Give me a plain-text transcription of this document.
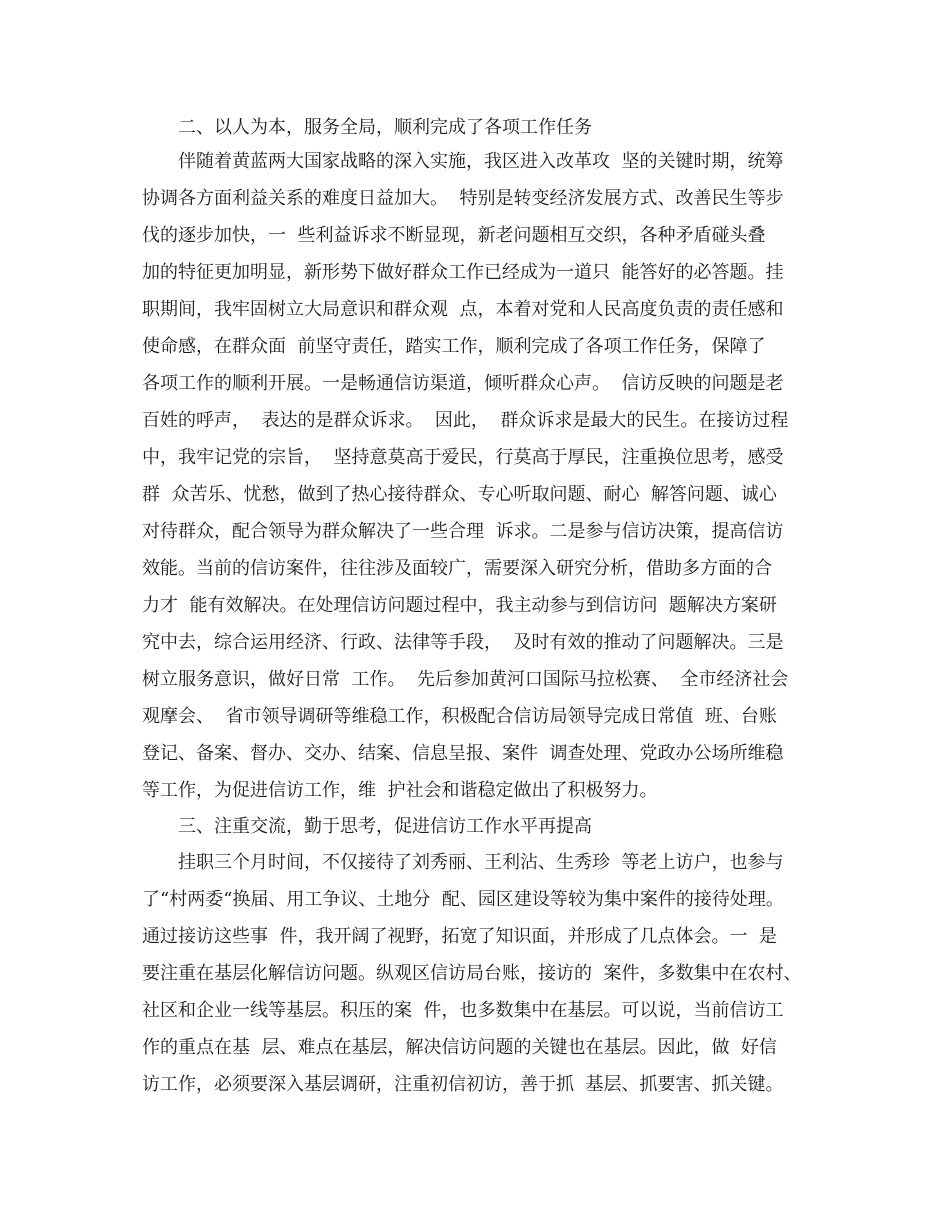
二、以人为本，服务全局，顺利完成了各项工作任务

伴随着黄蓝两大国家战略的深入实施，我区进入改革攻  坚的关键时期，统筹

协调各方面利益关系的难度日益加大。  特别是转变经济发展方式、改善民生等步

伐的逐步加快，一  些利益诉求不断显现，新老问题相互交织，各种矛盾碰头叠

加的特征更加明显，新形势下做好群众工作已经成为一道只  能答好的必答题。挂

职期间，我牢固树立大局意识和群众观  点，本着对党和人民高度负责的责任感和

使命感，在群众面  前坚守责任，踏实工作，顺利完成了各项工作任务，保障了

各项工作的顺利开展。一是畅通信访渠道，倾听群众心声。  信访反映的问题是老

百姓的呼声，  表达的是群众诉求。  因此，  群众诉求是最大的民生。在接访过程

中，我牢记党的宗旨，  坚持意莫高于爱民，行莫高于厚民，注重换位思考，感受

群  众苦乐、忧愁，做到了热心接待群众、专心听取问题、耐心  解答问题、诚心

对待群众，配合领导为群众解决了一些合理  诉求。二是参与信访决策，提高信访

效能。当前的信访案件，往往涉及面较广，需要深入研究分析，借助多方面的合

力才  能有效解决。在处理信访问题过程中，我主动参与到信访问  题解决方案研

究中去，综合运用经济、行政、法律等手段，  及时有效的推动了问题解决。三是

树立服务意识，做好日常  工作。  先后参加黄河口国际马拉松赛、  全市经济社会

观摩会、  省市领导调研等维稳工作，积极配合信访局领导完成日常值  班、台账

登记、备案、督办、交办、结案、信息呈报、案件  调查处理、党政办公场所维稳

等工作，为促进信访工作，维  护社会和谐稳定做出了积极努力。

三、注重交流，勤于思考，促进信访工作水平再提高

挂职三个月时间，不仅接待了刘秀丽、王利沾、生秀珍  等老上访户，也参与

了“村两委“换届、用工争议、土地分  配、园区建设等较为集中案件的接待处理。

通过接访这些事  件，我开阔了视野，拓宽了知识面，并形成了几点体会。一  是

要注重在基层化解信访问题。纵观区信访局台账，接访的  案件，多数集中在农村、

社区和企业一线等基层。积压的案  件，也多数集中在基层。可以说，当前信访工

作的重点在基  层、难点在基层，解决信访问题的关键也在基层。因此，做  好信

访工作，必须要深入基层调研，注重初信初访，善于抓  基层、抓要害、抓关键。
